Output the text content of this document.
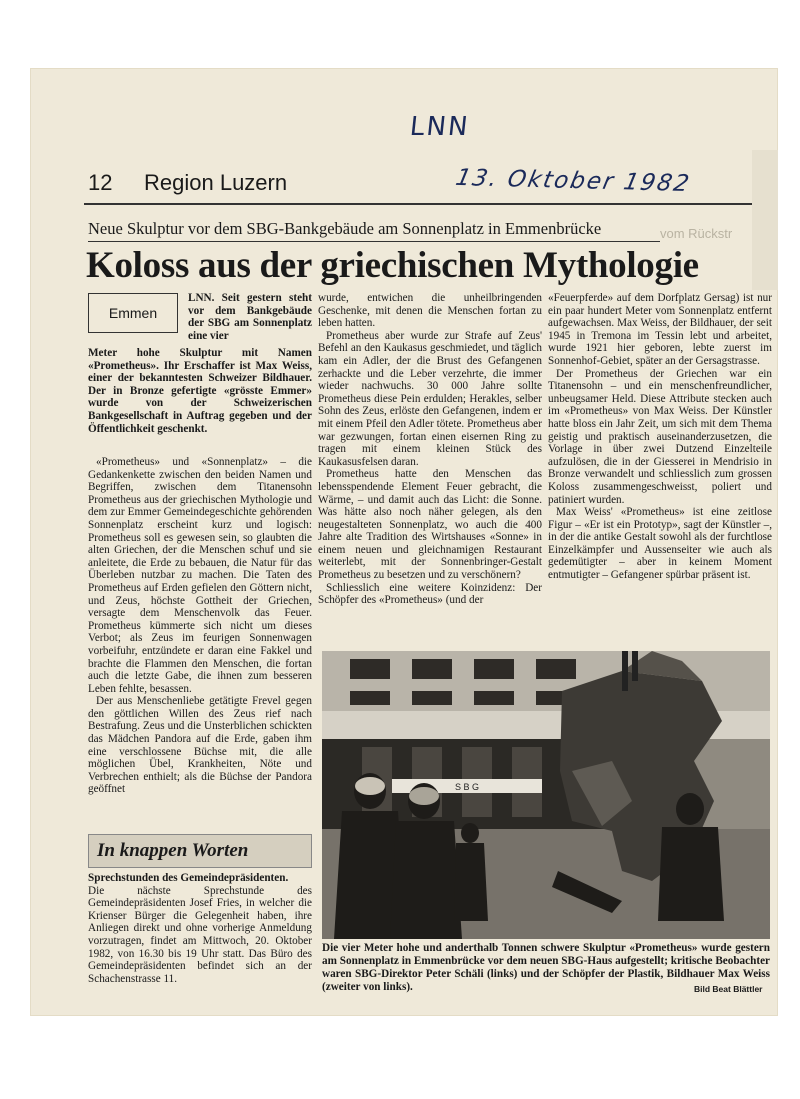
LNN
13. Oktober 1982
12 Region Luzern
Neue Skulptur vor dem SBG-Bankgebäude am Sonnenplatz in Emmenbrücke	vom Rückstr
Koloss aus der griechischen Mythologie
Emmen

LNN. Seit gestern steht vor dem Bankgebäude der SBG am Sonnenplatz eine vier

Meter hohe Skulptur mit Namen «Prometheus». Ihr Erschaffer ist Max Weiss, einer der bekanntesten Schweizer Bildhauer. Der in Bronze gefertigte «grösste Emmer» wurde von der Schweizerischen Bankgesellschaft in Auftrag gegeben und der Öffentlichkeit geschenkt.

«Prometheus» und «Sonnenplatz» – die Gedankenkette zwischen den beiden Namen und Begriffen, zwischen dem Titanensohn Prometheus aus der griechischen Mythologie und dem zur Emmer Gemeindegeschichte gehörenden Sonnenplatz erscheint kurz und logisch: Prometheus soll es gewesen sein, so glaubten die alten Griechen, der die Menschen schuf und sie anleitete, die Erde zu bebauen, die Natur für das Überleben nutzbar zu machen. Die Taten des Prometheus auf Erden gefielen den Göttern nicht, und Zeus, höchste Gottheit der Griechen, versagte dem Menschenvolk das Feuer. Prometheus kümmerte sich nicht um dieses Verbot; als Zeus im feurigen Sonnenwagen vorbeifuhr, entzündete er daran eine Fakkel und brachte die Flammen den Menschen, die fortan auch die letzte Gabe, die ihnen zum besseren Leben fehlte, besassen.

Der aus Menschenliebe getätigte Frevel gegen den göttlichen Willen des Zeus rief nach Bestrafung. Zeus und die Unsterblichen schickten das Mädchen Pandora auf die Erde, gaben ihm eine verschlossene Büchse mit, die alle möglichen Übel, Krankheiten, Nöte und Verbrechen enthielt; als die Büchse der Pandora geöffnet

In knappen Worten

Sprechstunden des Gemeindepräsidenten.

Die nächste Sprechstunde des Gemeindepräsidenten Josef Fries, in welcher die Krienser Bürger die Gelegenheit haben, ihre Anliegen direkt und ohne vorherige Anmeldung vorzutragen, findet am Mittwoch, 20. Oktober 1982, von 16.30 bis 19 Uhr statt. Das Büro des Gemeindepräsidenten befindet sich an der Schachenstrasse 11.

wurde, entwichen die unheilbringenden Geschenke, mit denen die Menschen fortan zu leben hatten.

Prometheus aber wurde zur Strafe auf Zeus' Befehl an den Kaukasus geschmiedet, und täglich kam ein Adler, der die Brust des Gefangenen zerhackte und die Leber verzehrte, die immer wieder nachwuchs. 30 000 Jahre sollte Prometheus diese Pein erdulden; Herakles, selber Sohn des Zeus, erlöste den Gefangenen, indem er mit einem Pfeil den Adler tötete. Prometheus aber war gezwungen, fortan einen eisernen Ring zu tragen mit einem kleinen Stück des Kaukasusfelsen daran.

Prometheus hatte den Menschen das lebensspendende Element Feuer gebracht, die Wärme, – und damit auch das Licht: die Sonne. Was hätte also noch näher gelegen, als den neugestalteten Sonnenplatz, wo auch die 400 Jahre alte Tradition des Wirtshauses «Sonne» in einem neuen und gleichnamigen Restaurant weiterlebt, mit der Sonnenbringer-Gestalt Prometheus zu besetzen und zu verschönern?

Schliesslich eine weitere Koinzidenz: Der Schöpfer des «Prometheus» (und der

«Feuerpferde» auf dem Dorfplatz Gersag) ist nur ein paar hundert Meter vom Sonnenplatz entfernt aufgewachsen. Max Weiss, der Bildhauer, der seit 1945 in Tremona im Tessin lebt und arbeitet, wurde 1921 hier geboren, lebte zuerst im Sonnenhof-Gebiet, später an der Gersagstrasse.

Der Prometheus der Griechen war ein Titanensohn – und ein menschenfreundlicher, unbeugsamer Held. Diese Attribute stecken auch im «Prometheus» von Max Weiss. Der Künstler hatte bloss ein Jahr Zeit, um sich mit dem Thema geistig und praktisch auseinanderzusetzen, die Vorlage in über zwei Dutzend Einzelteile aufzulösen, die in der Giesserei in Mendrisio in Bronze verwandelt und schliesslich zum grossen Koloss zusammengeschweisst, poliert und patiniert wurden.

Max Weiss' «Prometheus» ist eine zeitlose Figur – «Er ist ein Prototyp», sagt der Künstler –, in der die antike Gestalt sowohl als der furchtlose Einzelkämpfer und Aussenseiter wie auch als gedemütigter – aber in keinem Moment entmutigter – Gefangener spürbar präsent ist.

S B G
Die vier Meter hohe und anderthalb Tonnen schwere Skulptur «Prometheus» wurde gestern am Sonnenplatz in Emmenbrücke vor dem neuen SBG-Haus aufgestellt; kritische Beobachter waren SBG-Direktor Peter Schäli (links) und der Schöpfer der Plastik, Bildhauer Max Weiss (zweiter von links).	Bild Beat Blättler
